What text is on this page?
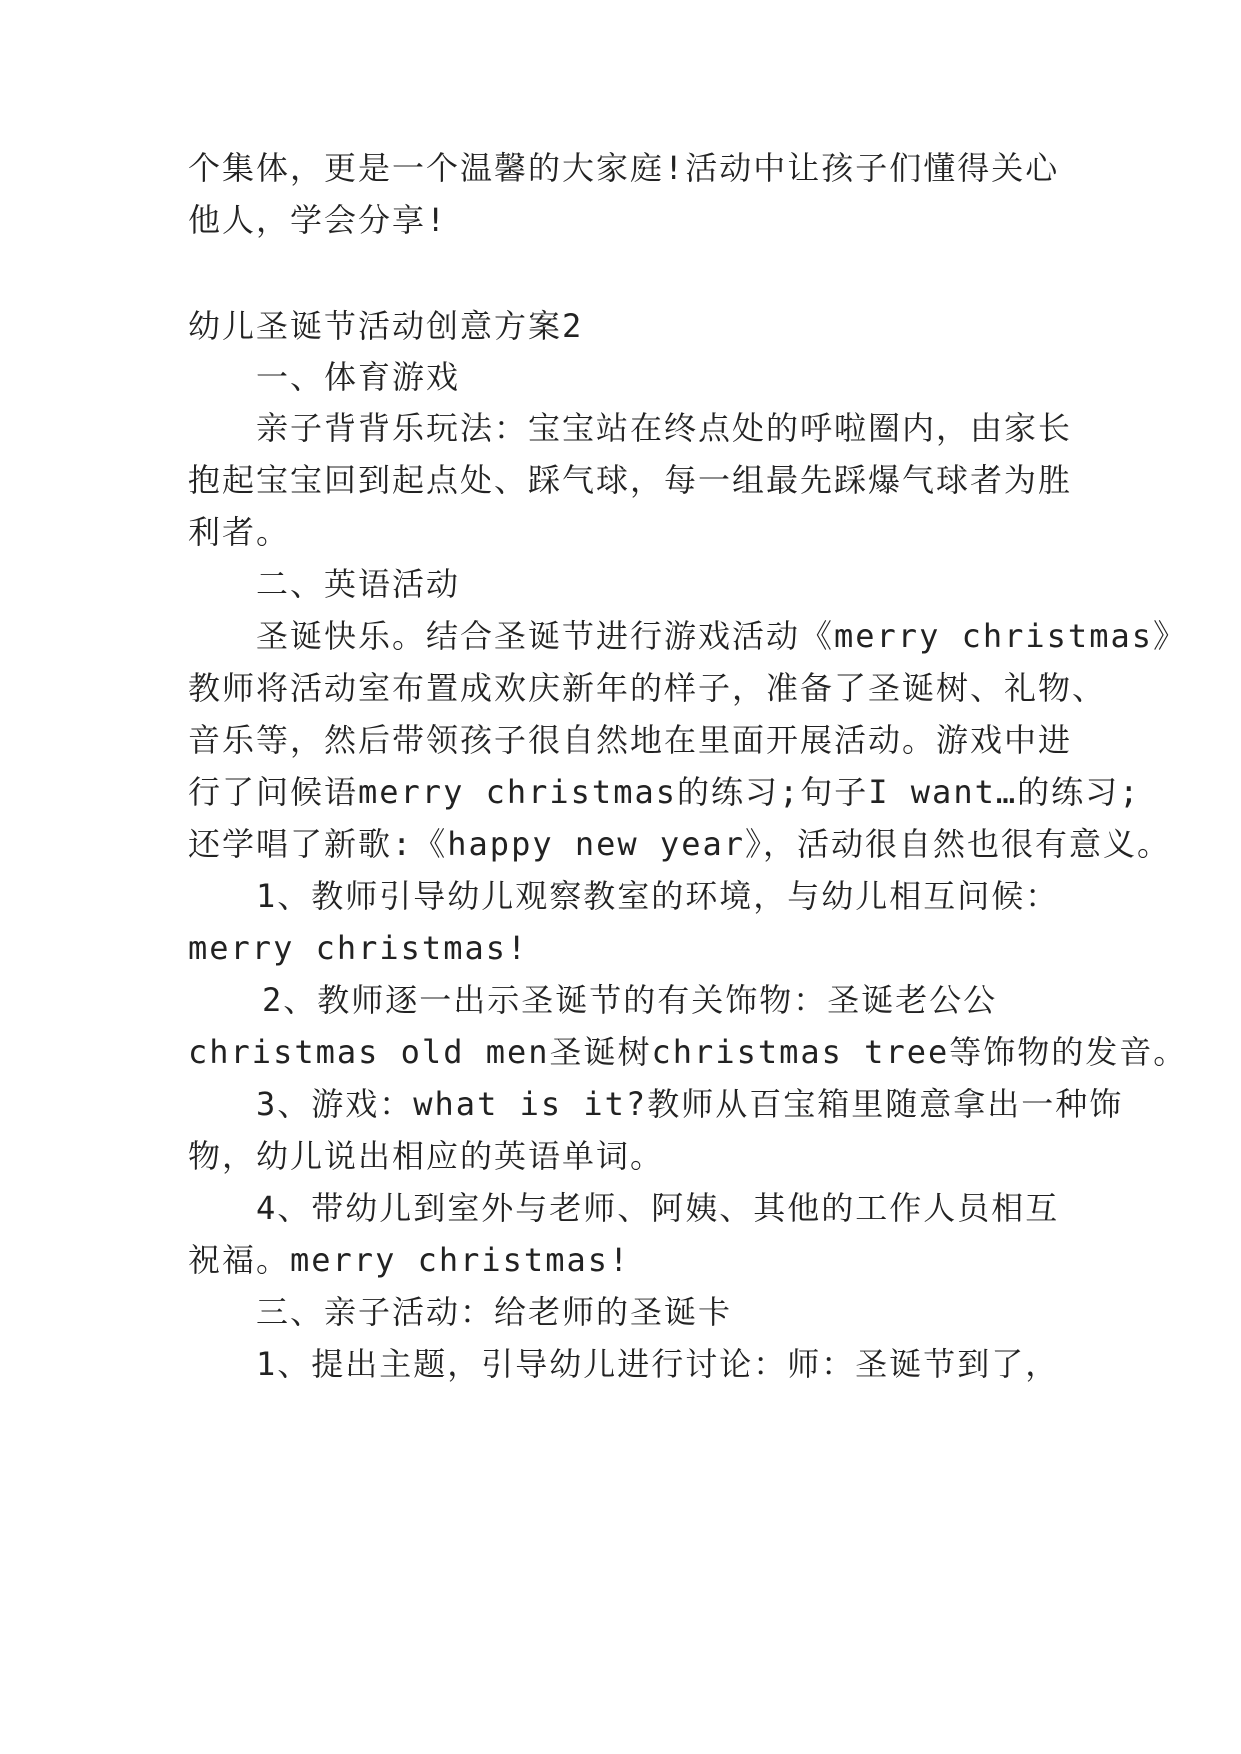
个集体，更是一个温馨的大家庭!活动中让孩子们懂得关心
他人，学会分享!
幼儿圣诞节活动创意方案2
一、体育游戏
亲子背背乐玩法：宝宝站在终点处的呼啦圈内，由家长
抱起宝宝回到起点处、踩气球，每一组最先踩爆气球者为胜
利者。
二、英语活动
圣诞快乐。结合圣诞节进行游戏活动《merry christmas》
教师将活动室布置成欢庆新年的样子，准备了圣诞树、礼物、
音乐等，然后带领孩子很自然地在里面开展活动。游戏中进
行了问候语merry christmas的练习;句子I want…的练习;
还学唱了新歌:《happy new year》，活动很自然也很有意义。
1、教师引导幼儿观察教室的环境，与幼儿相互问候：
merry christmas!
2、教师逐一出示圣诞节的有关饰物：圣诞老公公
christmas old men圣诞树christmas tree等饰物的发音。
3、游戏：what is it?教师从百宝箱里随意拿出一种饰
物，幼儿说出相应的英语单词。
4、带幼儿到室外与老师、阿姨、其他的工作人员相互
祝福。merry christmas!
三、亲子活动：给老师的圣诞卡
1、提出主题，引导幼儿进行讨论：师：圣诞节到了，
